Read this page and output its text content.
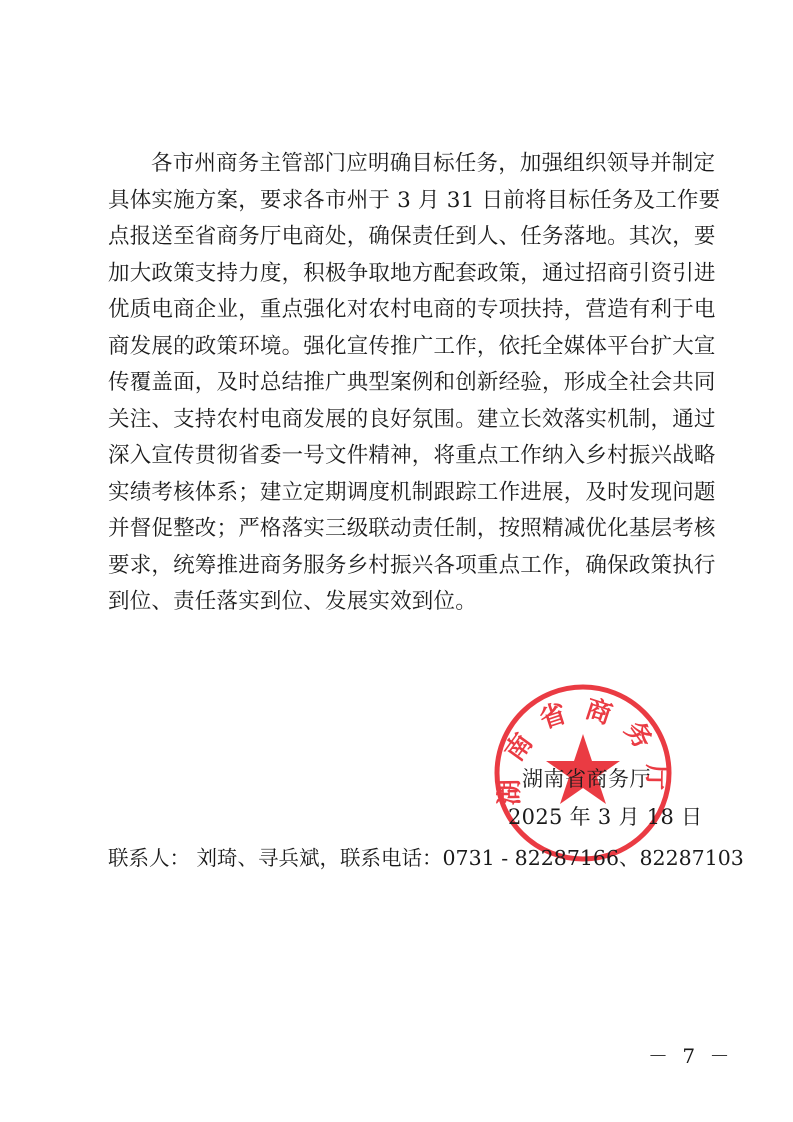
各市州商务主管部门应明确目标任务，加强组织领导并制定
具体实施方案，要求各市州于 3 月 31 日前将目标任务及工作要
点报送至省商务厅电商处，确保责任到人、任务落地。其次，要
加大政策支持力度，积极争取地方配套政策，通过招商引资引进
优质电商企业，重点强化对农村电商的专项扶持，营造有利于电
商发展的政策环境。强化宣传推广工作，依托全媒体平台扩大宣
传覆盖面，及时总结推广典型案例和创新经验，形成全社会共同
关注、支持农村电商发展的良好氛围。建立长效落实机制，通过
深入宣传贯彻省委一号文件精神，将重点工作纳入乡村振兴战略
实绩考核体系；建立定期调度机制跟踪工作进展，及时发现问题
并督促整改；严格落实三级联动责任制，按照精减优化基层考核
要求，统筹推进商务服务乡村振兴各项重点工作，确保政策执行
到位、责任落实到位、发展实效到位。
湖南省商务厅
湖南省商务厅
2025 年 3 月 18 日
联系人： 刘琦、寻兵斌，联系电话：0731 - 82287166、82287103
－ 7 －
